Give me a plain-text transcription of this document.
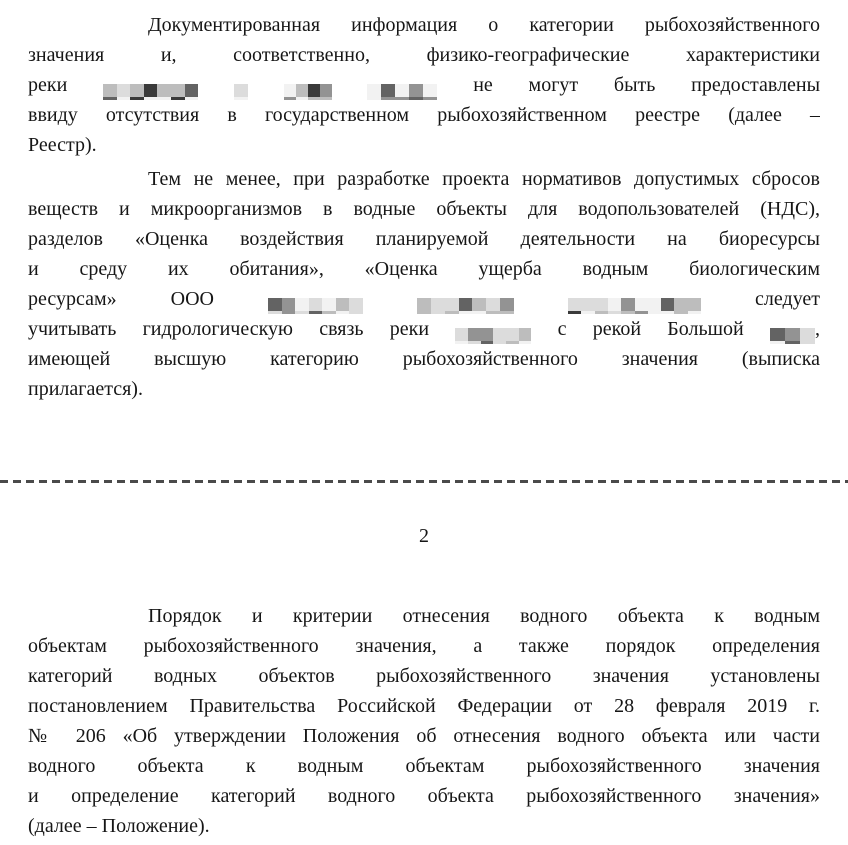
Документированная информация о категории рыбохозяйственного
значения и, соответственно, физико-географические характеристики
реки

	не могут быть предоставлены
ввиду отсутствия в государственном рыбохозяйственном реестре (далее –
Реестр).
Тем не менее, при разработке проекта нормативов допустимых сбросов
веществ и микроорганизмов в водные объекты для водопользователей (НДС),
разделов «Оценка воздействия планируемой деятельности на биоресурсы
и среду их обитания», «Оценка ущерба водным биологическим
ресурсам» ООО

	следует
учитывать гидрологическую связь реки	с рекой Большой	,
имеющей высшую категорию рыбохозяйственного значения (выписка
прилагается).
2
Порядок и критерии отнесения водного объекта к водным
объектам рыбохозяйственного значения, а также порядок определения
категорий водных объектов рыбохозяйственного значения установлены
постановлением Правительства Российской Федерации от 28 февраля 2019 г.
№ 206 «Об утверждении Положения об отнесения водного объекта или части
водного объекта к водным объектам рыбохозяйственного значения
и определение категорий водного объекта рыбохозяйственного значения»
(далее – Положение).
